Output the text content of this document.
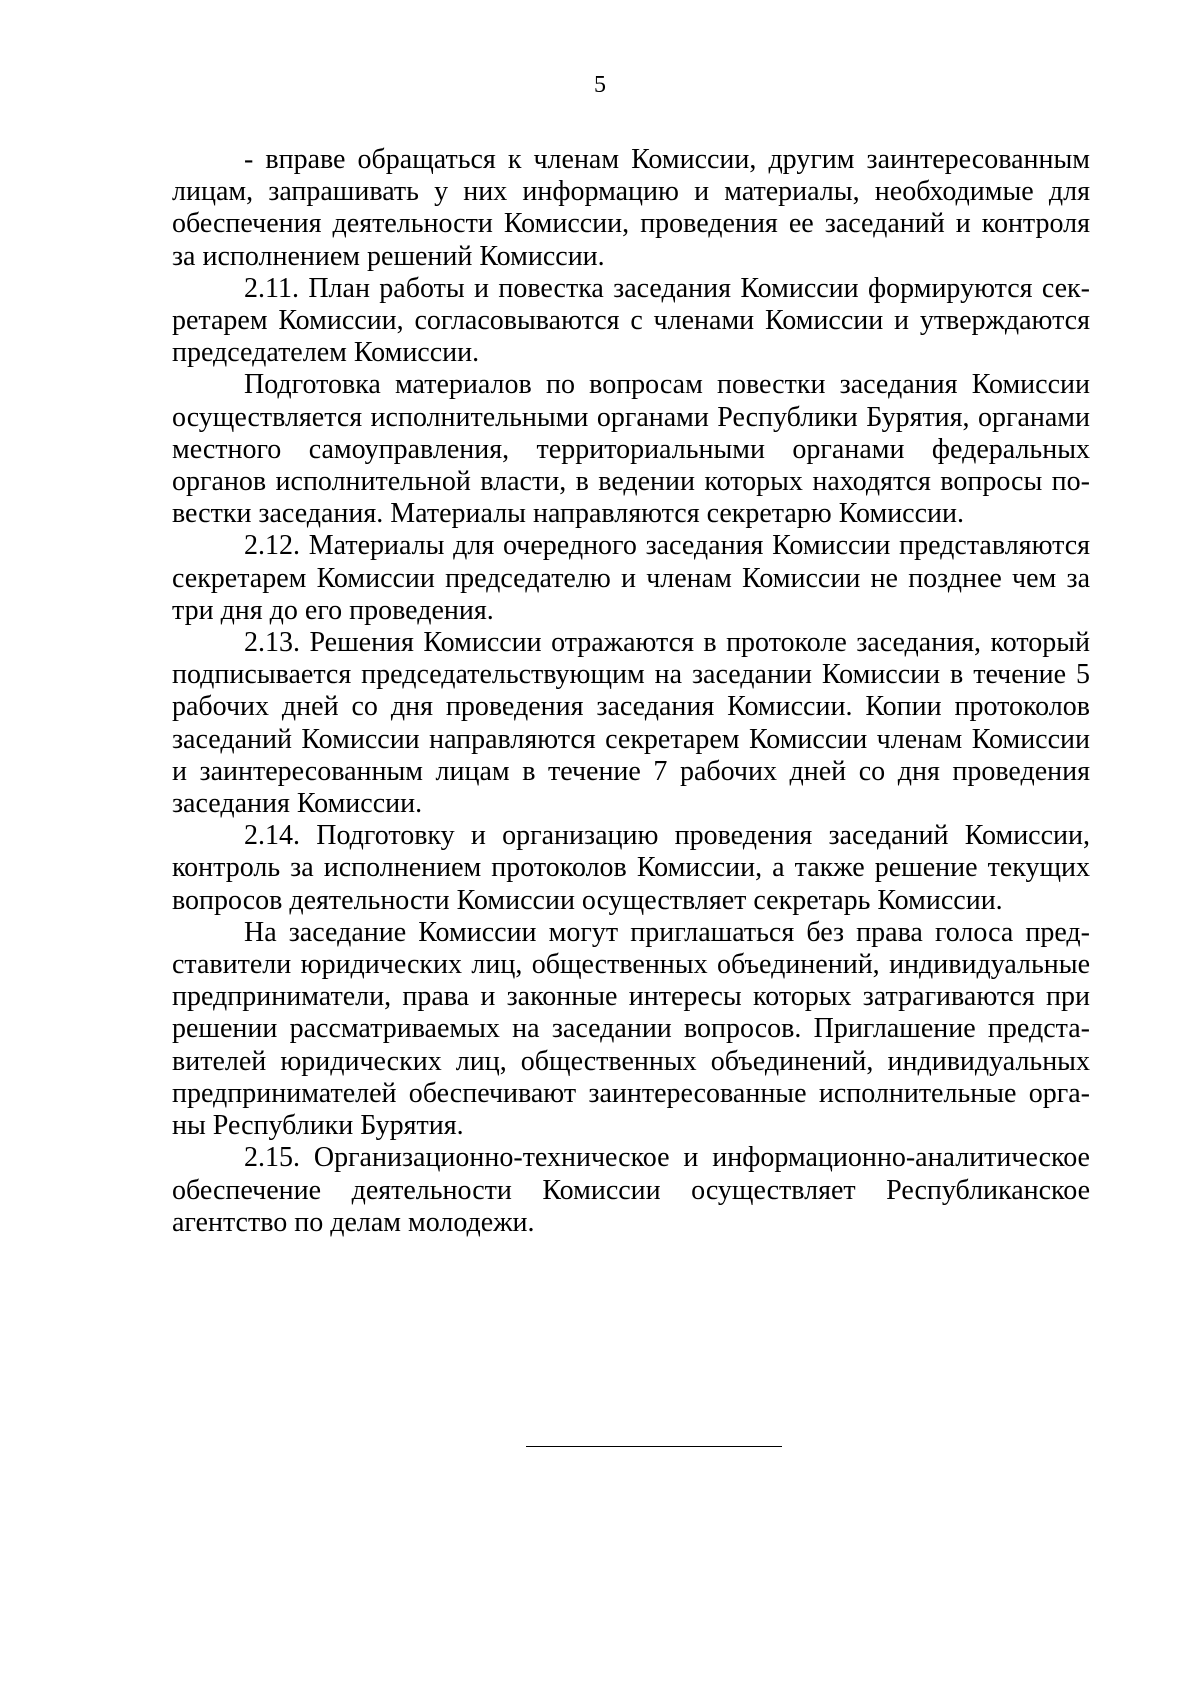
5

- вправе обращаться к членам Комиссии, другим заинтересованным лицам, запрашивать у них информацию и материалы, необходимые для обеспечения деятельности Комиссии, проведения ее заседаний и контроля за исполнением решений Комиссии.

2.11. План работы и повестка заседания Комиссии формируются секретарем Комиссии, согласовываются с членами Комиссии и утверждаются председателем Комиссии.

Подготовка материалов по вопросам повестки заседания Комиссии осуществляется исполнительными органами Республики Бурятия, органами местного самоуправления, территориальными органами федеральных органов исполнительной власти, в ведении которых находятся вопросы повестки заседания. Материалы направляются секретарю Комиссии.

2.12. Материалы для очередного заседания Комиссии представляются секретарем Комиссии председателю и членам Комиссии не позднее чем за три дня до его проведения.

2.13. Решения Комиссии отражаются в протоколе заседания, который подписывается председательствующим на заседании Комиссии в течение 5 рабочих дней со дня проведения заседания Комиссии. Копии протоколов заседаний Комиссии направляются секретарем Комиссии членам Комиссии и заинтересованным лицам в течение 7 рабочих дней со дня проведения заседания Комиссии.

2.14. Подготовку и организацию проведения заседаний Комиссии, контроль за исполнением протоколов Комиссии, а также решение текущих вопросов деятельности Комиссии осуществляет секретарь Комиссии.

На заседание Комиссии могут приглашаться без права голоса представители юридических лиц, общественных объединений, индивидуальные предприниматели, права и законные интересы которых затрагиваются при решении рассматриваемых на заседании вопросов. Приглашение представителей юридических лиц, общественных объединений, индивидуальных предпринимателей обеспечивают заинтересованные исполнительные органы Республики Бурятия.

2.15. Организационно-техническое и информационно-аналитическое обеспечение деятельности Комиссии осуществляет Республиканское агентство по делам молодежи.
